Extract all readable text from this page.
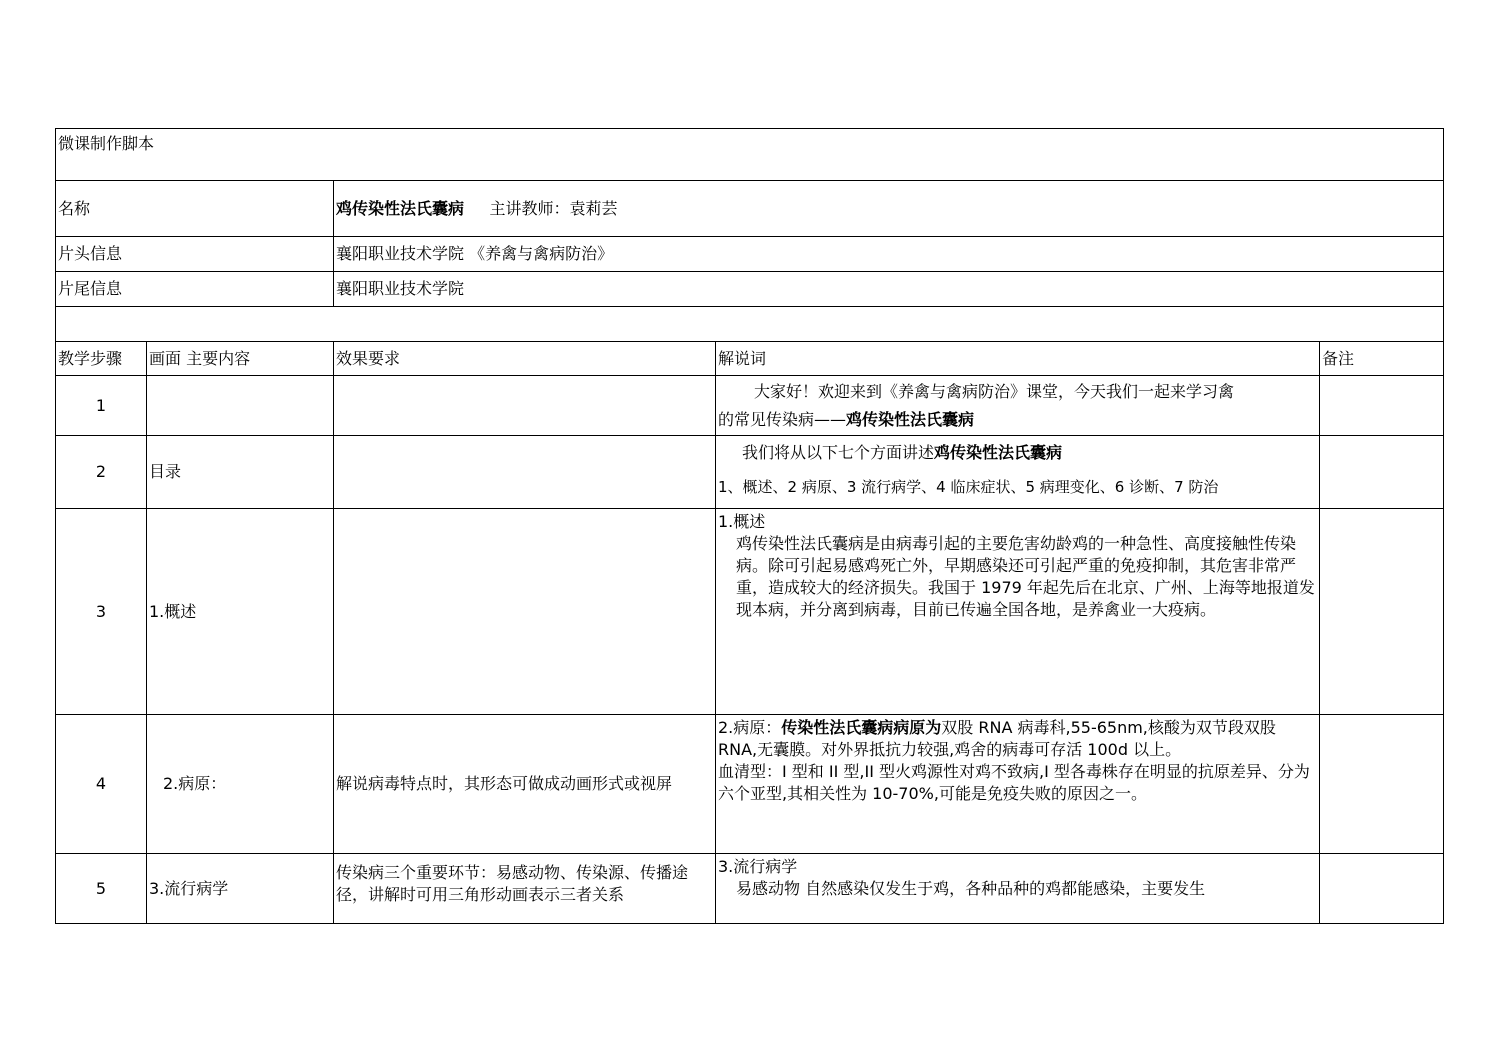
微课制作脚本				
名称		鸡传染性法氏囊病 主讲教师：袁莉芸		
片头信息		襄阳职业技术学院 《养禽与禽病防治》		
片尾信息		襄阳职业技术学院		

教学步骤	画面 主要内容	效果要求	解说词	备注
1			大家好！欢迎来到《养禽与禽病防治》课堂，今天我们一起来学习禽

的常见传染病——鸡传染性法氏囊病	

2	目录		我们将从以下七个方面讲述鸡传染性法氏囊病

1、概述、2 病原、3 流行病学、4 临床症状、5 病理变化、6 诊断、7 防治	

3	1.概述		1.概述

鸡传染性法氏囊病是由病毒引起的主要危害幼龄鸡的一种急性、高度接触性传染病。除可引起易感鸡死亡外，早期感染还可引起严重的免疫抑制，其危害非常严重，造成较大的经济损失。我国于 1979 年起先后在北京、广州、上海等地报道发现本病，并分离到病毒，目前已传遍全国各地，是养禽业一大疫病。	

4	2.病原：	解说病毒特点时，其形态可做成动画形式或视屏	2.病原：传染性法氏囊病病原为双股 RNA 病毒科,55-65nm,核酸为双节段双股 RNA,无囊膜。对外界抵抗力较强,鸡舍的病毒可存活 100d 以上。

血清型：I 型和 II 型,II 型火鸡源性对鸡不致病,I 型各毒株存在明显的抗原差异、分为六个亚型,其相关性为 10-70%,可能是免疫失败的原因之一。	

5	3.流行病学	传染病三个重要环节：易感动物、传染源、传播途径，讲解时可用三角形动画表示三者关系	3.流行病学

易感动物 自然感染仅发生于鸡，各种品种的鸡都能感染，主要发生	
